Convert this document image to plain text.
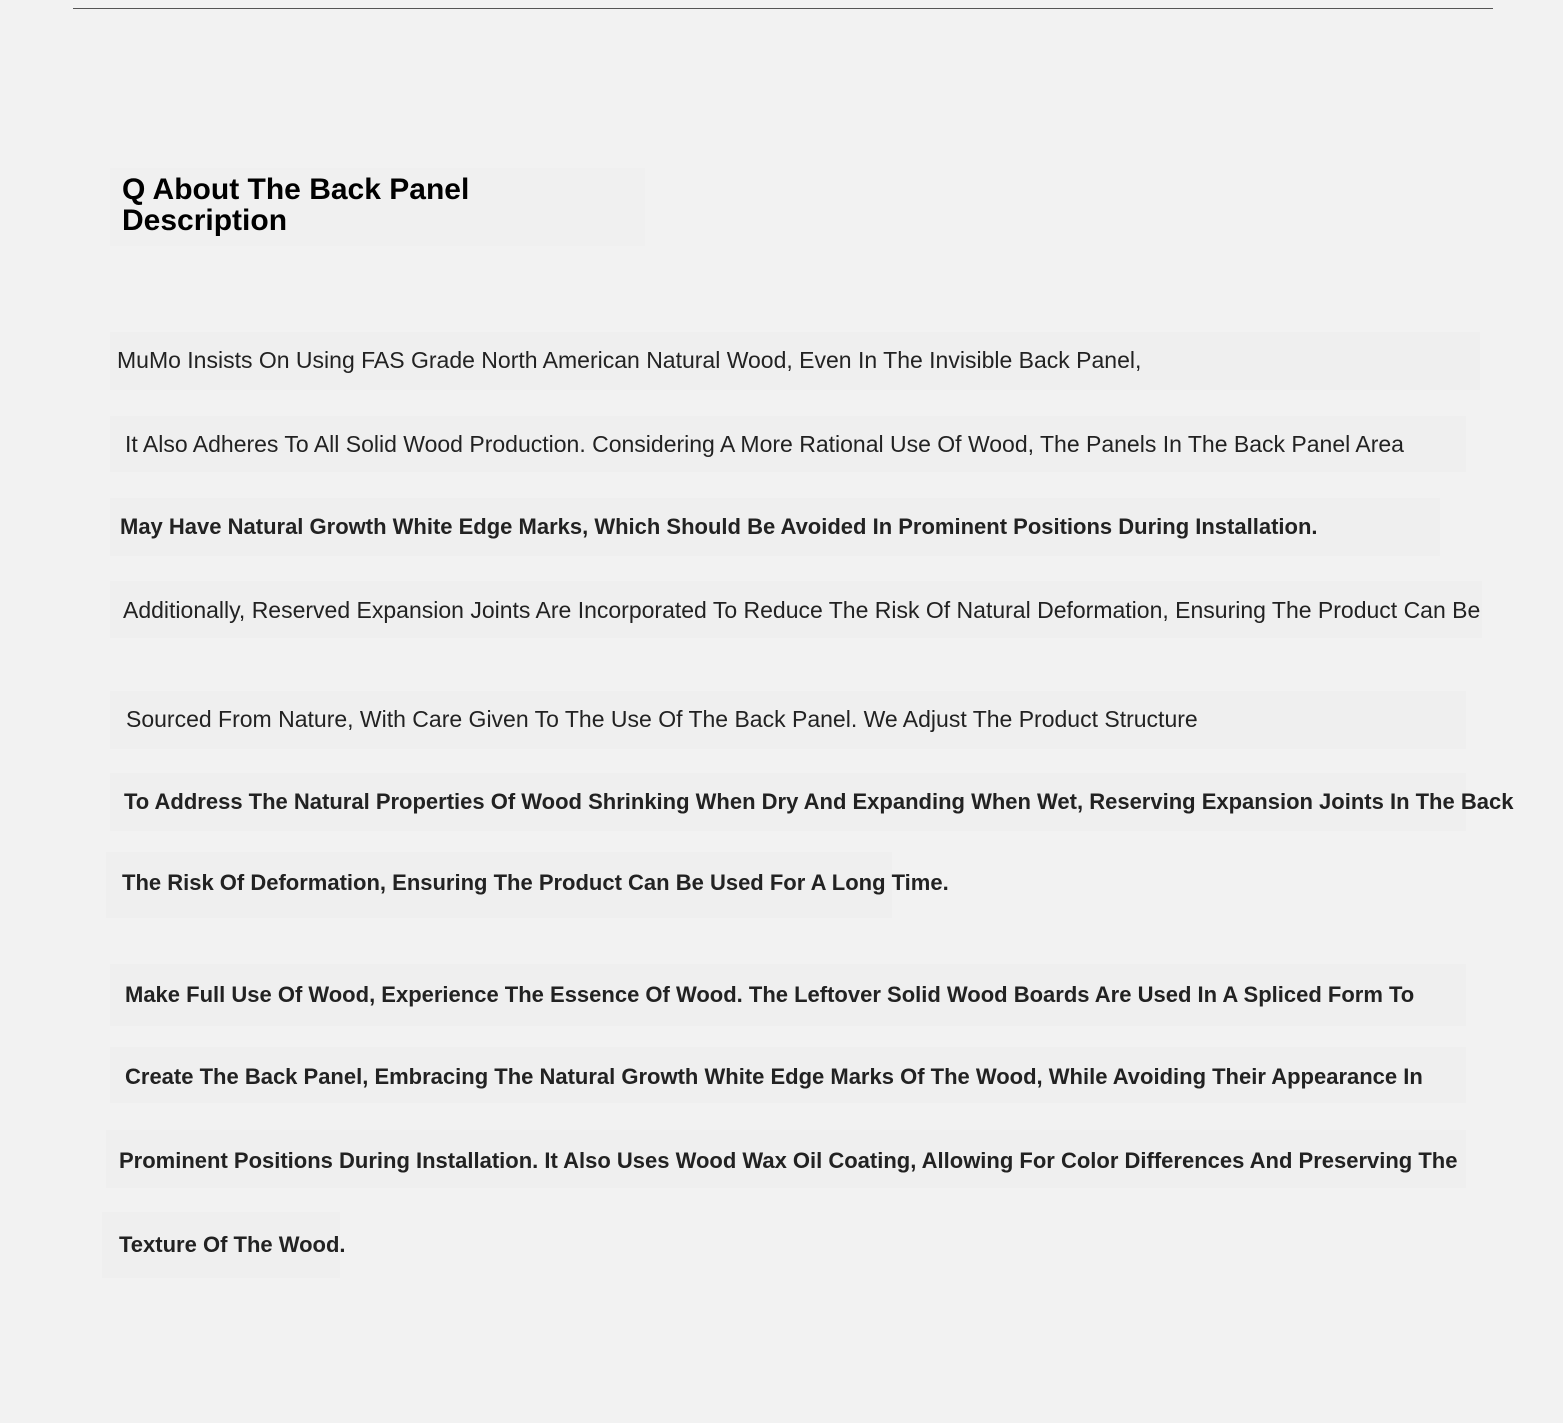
Q About The Back Panel Description

MuMo Insists On Using FAS Grade North American Natural Wood, Even In The Invisible Back Panel,

It Also Adheres To All Solid Wood Production. Considering A More Rational Use Of Wood, The Panels In The Back Panel Area

May Have Natural Growth White Edge Marks, Which Should Be Avoided In Prominent Positions During Installation.

Additionally, Reserved Expansion Joints Are Incorporated To Reduce The Risk Of Natural Deformation, Ensuring The Product Can Be

Sourced From Nature, With Care Given To The Use Of The Back Panel. We Adjust The Product Structure

To Address The Natural Properties Of Wood Shrinking When Dry And Expanding When Wet, Reserving Expansion Joints In The Back

The Risk Of Deformation, Ensuring The Product Can Be Used For A Long Time.

Make Full Use Of Wood, Experience The Essence Of Wood. The Leftover Solid Wood Boards Are Used In A Spliced Form To

Create The Back Panel, Embracing The Natural Growth White Edge Marks Of The Wood, While Avoiding Their Appearance In

Prominent Positions During Installation. It Also Uses Wood Wax Oil Coating, Allowing For Color Differences And Preserving The

Texture Of The Wood.
